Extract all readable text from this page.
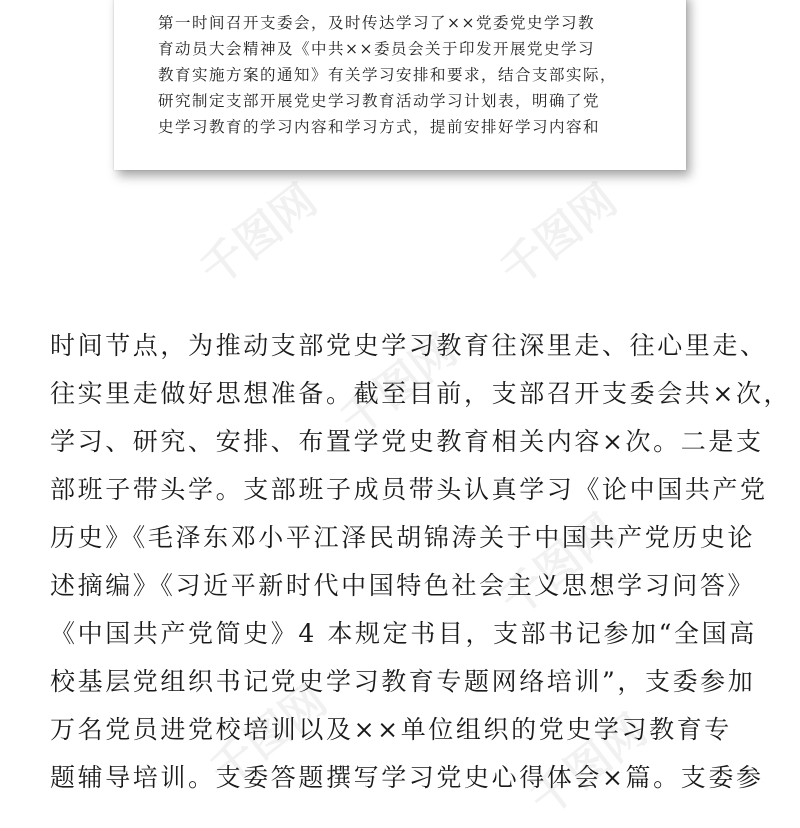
千图网	千图网
千图网
千图网
千图网	千图网
第一时间召开支委会，及时传达学习了××党委党史学习教
育动员大会精神及《中共××委员会关于印发开展党史学习
教育实施方案的通知》有关学习安排和要求，结合支部实际，
研究制定支部开展党史学习教育活动学习计划表，明确了党
史学习教育的学习内容和学习方式，提前安排好学习内容和
时间节点，为推动支部党史学习教育往深里走、往心里走、
往实里走做好思想准备。截至目前，支部召开支委会共×次，
学习、研究、安排、布置学党史教育相关内容×次。二是支
部班子带头学。支部班子成员带头认真学习《论中国共产党
历史》《毛泽东邓小平江泽民胡锦涛关于中国共产党历史论
述摘编》《习近平新时代中国特色社会主义思想学习问答》
《中国共产党简史》4 本规定书目，支部书记参加“全国高
校基层党组织书记党史学习教育专题网络培训”，支委参加
万名党员进党校培训以及××单位组织的党史学习教育专
题辅导培训。支委答题撰写学习党史心得体会×篇。支委参
